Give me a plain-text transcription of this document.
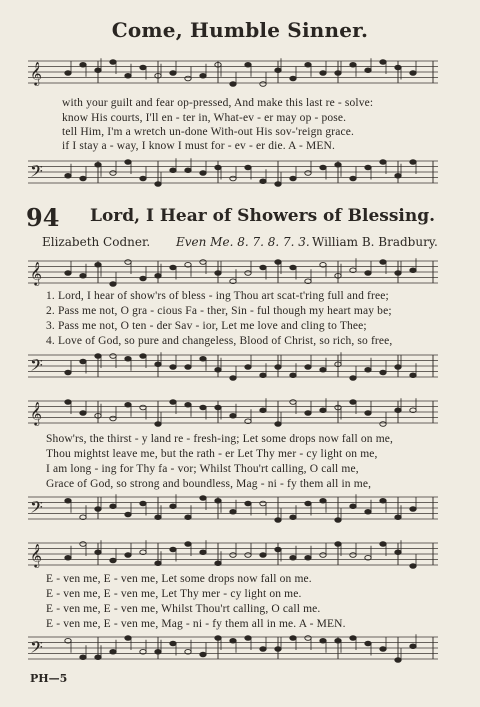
Come, Humble Sinner.
𝄞
with your guilt and fear op-pressed, And make this last re - solve:
know His courts, I'll en - ter in, What-ev - er may op - pose.
tell Him, I'm a wretch un-done With-out His sov-'reign grace.
if I stay a - way, I know I must for - ev - er die. A - MEN.
𝄢
94 Lord, I Hear of Showers of Blessing.
Elizabeth Codner. Even Me. 8. 7. 8. 7. 3. William B. Bradbury.
𝄞
1. Lord, I hear of show'rs of bless - ing Thou art scat-t'ring full and free;
2. Pass me not, O gra - cious Fa - ther, Sin - ful though my heart may be;
3. Pass me not, O ten - der Sav - ior, Let me love and cling to Thee;
4. Love of God, so pure and changeless, Blood of Christ, so rich, so free,
𝄢
𝄞
Show'rs, the thirst - y land re - fresh-ing; Let some drops now fall on me,
Thou mightst leave me, but the rath - er Let Thy mer - cy light on me,
I am long - ing for Thy fa - vor; Whilst Thou'rt calling, O call me,
Grace of God, so strong and boundless, Mag - ni - fy them all in me,
𝄢
𝄞
E - ven me, E - ven me, Let some drops now fall on me.
E - ven me, E - ven me, Let Thy mer - cy light on me.
E - ven me, E - ven me, Whilst Thou'rt calling, O call me.
E - ven me, E - ven me, Mag - ni - fy them all in me. A - MEN.
𝄢
PH—5
